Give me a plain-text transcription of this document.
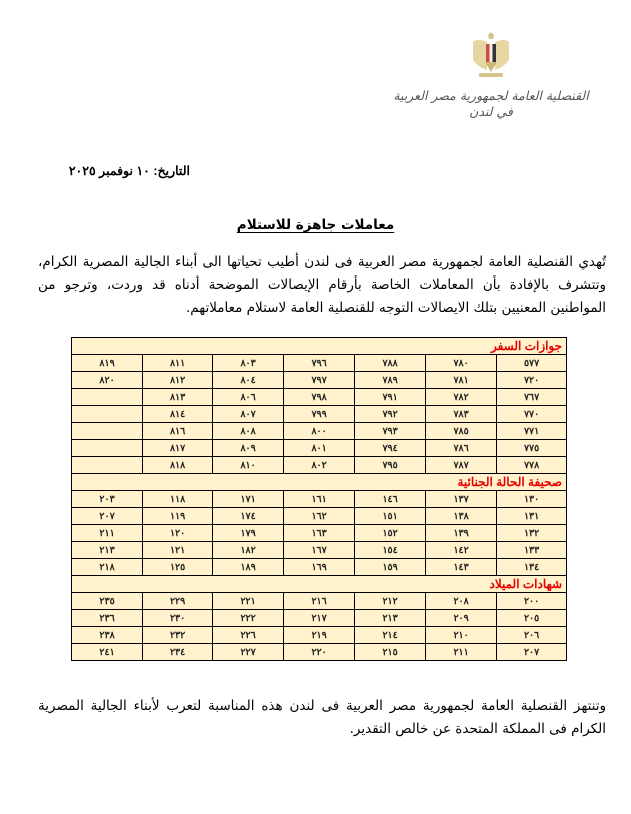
القنصلية العامة لجمهورية مصر العربية
في لندن
التاريخ: ١٠ نوفمبر ٢٠٢٥
معاملات جاهزة للاستلام

تُهدي القنصلية العامة لجمهورية مصر العربية فى لندن أطيب تحياتها الى أبناء الجالية المصرية الكرام، وتتشرف بالإفادة بأن المعاملات الخاصة بأرقام الإيصالات الموضحة أدناه قد وردت، وترجو من المواطنين المعنيين بتلك الايصالات التوجه للقنصلية العامة لاستلام معاملاتهم.

جوازات السفر						
٥٧٧	٧٨٠	٧٨٨	٧٩٦	٨٠٣	٨١١	٨١٩
٧٢٠	٧٨١	٧٨٩	٧٩٧	٨٠٤	٨١٢	٨٢٠
٧٦٧	٧٨٢	٧٩١	٧٩٨	٨٠٦	٨١٣	
٧٧٠	٧٨٣	٧٩٢	٧٩٩	٨٠٧	٨١٤	
٧٧١	٧٨٥	٧٩٣	٨٠٠	٨٠٨	٨١٦	
٧٧٥	٧٨٦	٧٩٤	٨٠١	٨٠٩	٨١٧	
٧٧٨	٧٨٧	٧٩٥	٨٠٢	٨١٠	٨١٨	
صحيفة الحالة الجنائية						
١٣٠	١٣٧	١٤٦	١٦١	١٧١	١١٨	٢٠٣
١٣١	١٣٨	١٥١	١٦٢	١٧٤	١١٩	٢٠٧
١٣٢	١٣٩	١٥٢	١٦٣	١٧٩	١٢٠	٢١١
١٣٣	١٤٢	١٥٤	١٦٧	١٨٢	١٢١	٢١٣
١٣٤	١٤٣	١٥٩	١٦٩	١٨٩	١٢٥	٢١٨
شهادات الميلاد						
٢٠٠	٢٠٨	٢١٢	٢١٦	٢٢١	٢٢٩	٢٣٥
٢٠٥	٢٠٩	٢١٣	٢١٧	٢٢٢	٢٣٠	٢٣٦
٢٠٦	٢١٠	٢١٤	٢١٩	٢٢٦	٢٣٢	٢٣٨
٢٠٧	٢١١	٢١٥	٢٢٠	٢٢٧	٢٣٤	٢٤١

وتنتهز القنصلية العامة لجمهورية مصر العربية فى لندن هذه المناسبة لتعرب لأبناء الجالية المصرية الكرام فى المملكة المتحدة عن خالص التقدير.
